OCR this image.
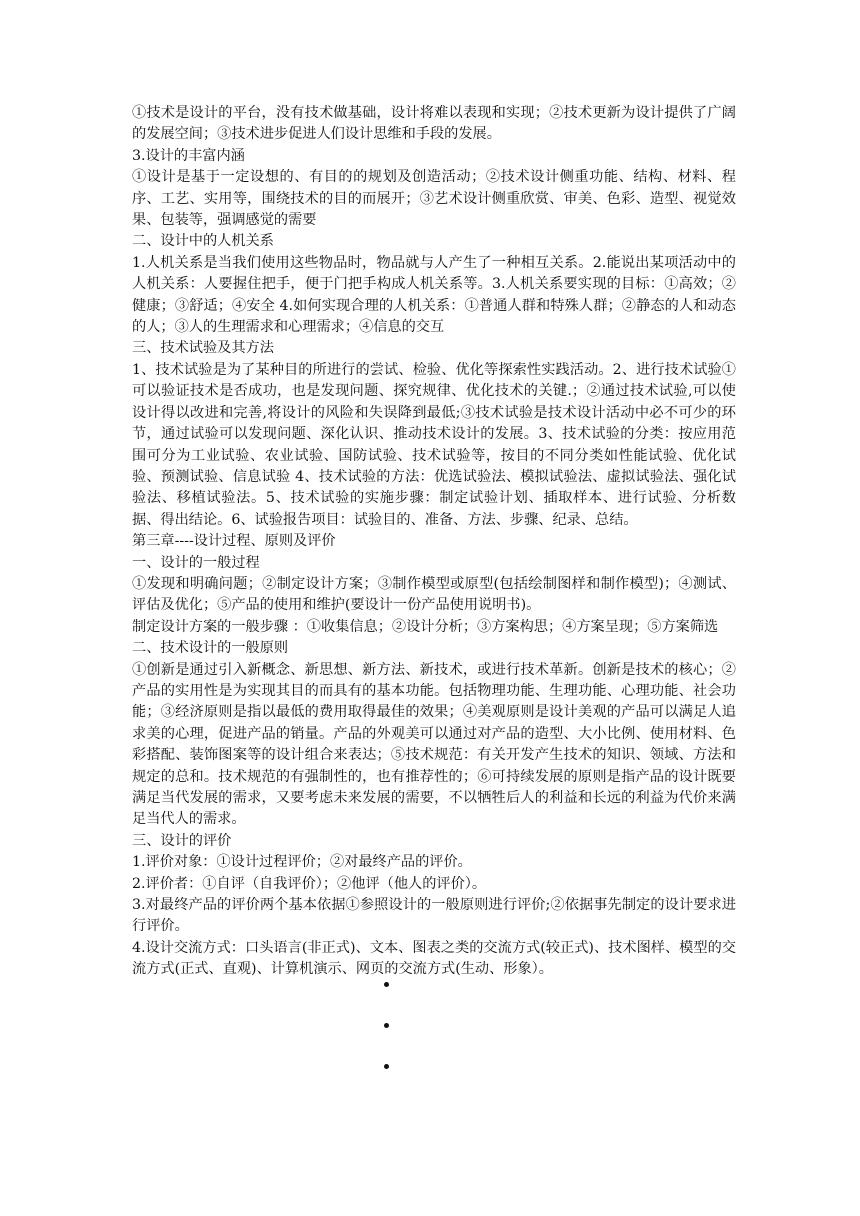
①技术是设计的平台，没有技术做基础，设计将难以表现和实现；②技术更新为设计提供了广阔的发展空间；③技术进步促进人们设计思维和手段的发展。

3.设计的丰富内涵

①设计是基于一定设想的、有目的的规划及创造活动；②技术设计侧重功能、结构、材料、程序、工艺、实用等，围绕技术的目的而展开；③艺术设计侧重欣赏、审美、色彩、造型、视觉效果、包装等，强调感觉的需要

二、设计中的人机关系

1.人机关系是当我们使用这些物品时，物品就与人产生了一种相互关系。2.能说出某项活动中的人机关系：人要握住把手，便于门把手构成人机关系等。3.人机关系要实现的目标：①高效；②健康；③舒适；④安全 4.如何实现合理的人机关系：①普通人群和特殊人群；②静态的人和动态的人；③人的生理需求和心理需求；④信息的交互

三、技术试验及其方法

1、技术试验是为了某种目的所进行的尝试、检验、优化等探索性实践活动。2、进行技术试验①可以验证技术是否成功，也是发现问题、探究规律、优化技术的关键.；②通过技术试验,可以使设计得以改进和完善,将设计的风险和失误降到最低;③技术试验是技术设计活动中必不可少的环节，通过试验可以发现问题、深化认识、推动技术设计的发展。3、技术试验的分类：按应用范围可分为工业试验、农业试验、国防试验、技术试验等，按目的不同分类如性能试验、优化试验、预测试验、信息试验 4、技术试验的方法：优选试验法、模拟试验法、虚拟试验法、强化试验法、移植试验法。5、技术试验的实施步骤：制定试验计划、插取样本、进行试验、分析数据、得出结论。6、试验报告项目：试验目的、准备、方法、步骤、纪录、总结。

第三章----设计过程、原则及评价

一、设计的一般过程

①发现和明确问题；②制定设计方案；③制作模型或原型(包括绘制图样和制作模型)；④测试、评估及优化；⑤产品的使用和维护(要设计一份产品使用说明书)。

制定设计方案的一般步骤 ：①收集信息；②设计分析；③方案构思；④方案呈现；⑤方案筛选

二、技术设计的一般原则

①创新是通过引入新概念、新思想、新方法、新技术，或进行技术革新。创新是技术的核心；②产品的实用性是为实现其目的而具有的基本功能。包括物理功能、生理功能、心理功能、社会功能；③经济原则是指以最低的费用取得最佳的效果；④美观原则是设计美观的产品可以满足人追求美的心理，促进产品的销量。产品的外观美可以通过对产品的造型、大小比例、使用材料、色彩搭配、装饰图案等的设计组合来表达；⑤技术规范：有关开发产生技术的知识、领域、方法和规定的总和。技术规范的有强制性的，也有推荐性的；⑥可持续发展的原则是指产品的设计既要满足当代发展的需求，又要考虑未来发展的需要，不以牺牲后人的利益和长远的利益为代价来满足当代人的需求。

三、设计的评价

1.评价对象：①设计过程评价；②对最终产品的评价。

2.评价者：①自评（自我评价）；②他评（他人的评价）。

3.对最终产品的评价两个基本依据①参照设计的一般原则进行评价;②依据事先制定的设计要求进行评价。

4.设计交流方式：口头语言(非正式)、文本、图表之类的交流方式(较正式)、技术图样、模型的交流方式(正式、直观)、计算机演示、网页的交流方式(生动、形象）。
